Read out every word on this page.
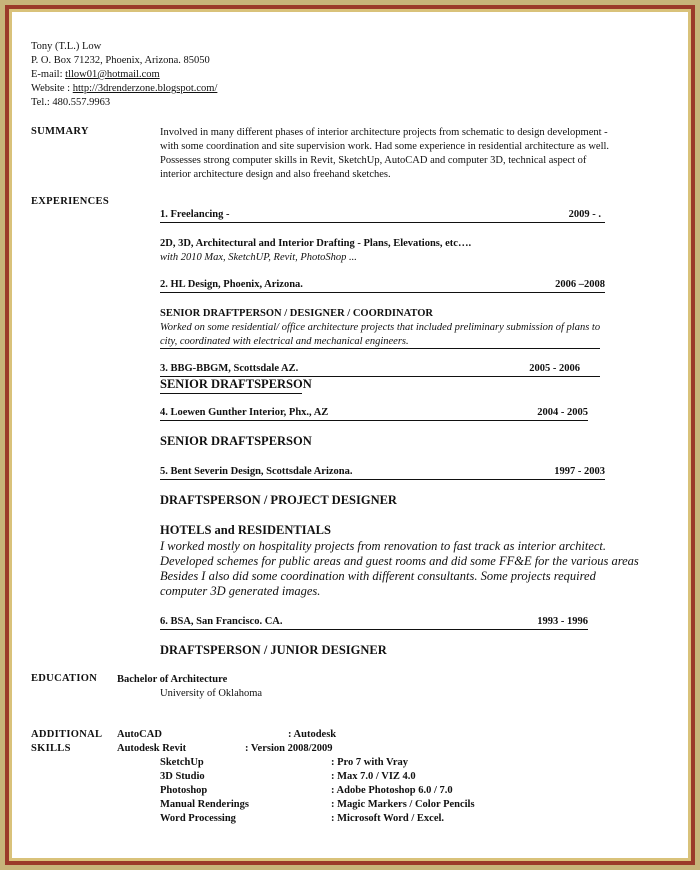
Tony (T.L.) Low
P. O. Box 71232, Phoenix, Arizona. 85050
E-mail: tllow01@hotmail.com
Website : http://3drenderzone.blogspot.com/
Tel.: 480.557.9963
SUMMARY	Involved in many different phases of interior architecture projects from schematic to design development -
with some coordination and site supervision work. Had some experience in residential architecture as well.
Possesses strong computer skills in Revit, SketchUp, AutoCAD and computer 3D, technical aspect of
interior architecture design and also freehand sketches.
EXPERIENCES
1. Freelancing -	2009 - .
2D, 3D, Architectural and Interior Drafting - Plans, Elevations, etc….
with 2010 Max, SketchUP, Revit, PhotoShop ...
2. HL Design, Phoenix, Arizona.	2006 –2008
SENIOR DRAFTPERSON / DESIGNER / COORDINATOR
Worked on some residential/ office architecture projects that included preliminary submission of plans to
city, coordinated with electrical and mechanical engineers.
3. BBG-BBGM, Scottsdale AZ.	2005 - 2006
SENIOR DRAFTSPERSON
4. Loewen Gunther Interior, Phx., AZ	2004 - 2005
SENIOR DRAFTSPERSON
5. Bent Severin Design, Scottsdale Arizona.	1997 - 2003
DRAFTSPERSON / PROJECT DESIGNER
HOTELS and RESIDENTIALS
I worked mostly on hospitality projects from renovation to fast track as interior architect.
Developed schemes for public areas and guest rooms and did some FF&E for the various areas
Besides I also did some coordination with different consultants. Some projects required
computer 3D generated images.
6. BSA, San Francisco. CA.	1993 - 1996
DRAFTSPERSON / JUNIOR DESIGNER
EDUCATION Bachelor of Architecture
University of Oklahoma
ADDITIONAL
SKILLS
AutoCAD	: Autodesk
Autodesk Revit	: Version 2008/2009
SketchUp	: Pro 7 with Vray
3D Studio	: Max 7.0 / VIZ 4.0
Photoshop	: Adobe Photoshop 6.0 / 7.0
Manual Renderings	: Magic Markers / Color Pencils
Word Processing	: Microsoft Word / Excel.
